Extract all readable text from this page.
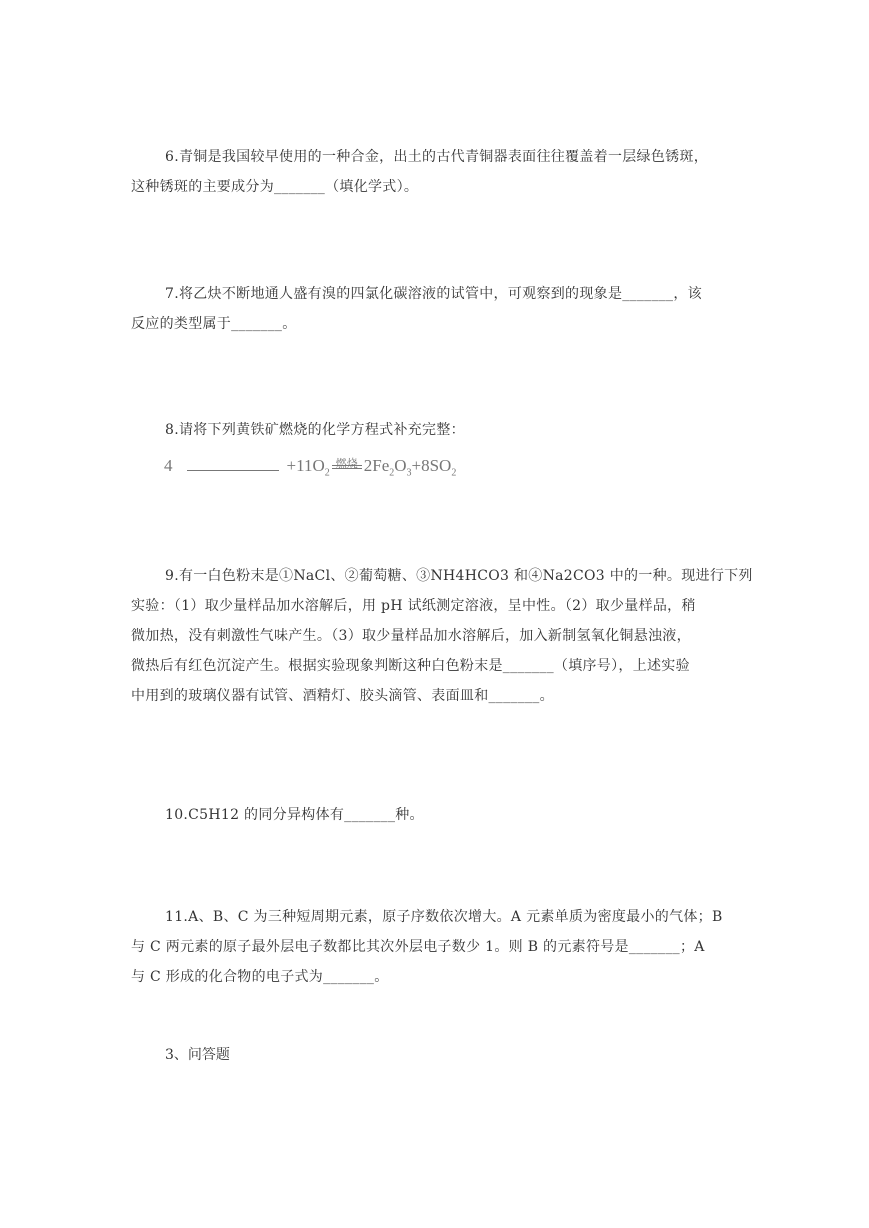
6.青铜是我国较早使用的一种合金，出土的古代青铜器表面往往覆盖着一层绿色锈斑，
这种锈斑的主要成分为_______（填化学式）。
7.将乙炔不断地通人盛有溴的四氯化碳溶液的试管中，可观察到的现象是_______，该
反应的类型属于_______。
8.请将下列黄铁矿燃烧的化学方程式补充完整：
4	$+11O_2$
燃烧 $2Fe_2O_3 +8SO_2$
9.有一白色粉末是①NaCl、②葡萄糖、③NH4HCO3 和④Na2CO3 中的一种。现进行下列
实验：（1）取少量样品加水溶解后，用 pH 试纸测定溶液，呈中性。（2）取少量样品，稍
微加热，没有刺激性气味产生。（3）取少量样品加水溶解后，加入新制氢氧化铜悬浊液，
微热后有红色沉淀产生。根据实验现象判断这种白色粉末是_______（填序号），上述实验
中用到的玻璃仪器有试管、酒精灯、胶头滴管、表面皿和_______。
10.C5H12 的同分异构体有_______种。
11.A、B、C 为三种短周期元素，原子序数依次增大。A 元素单质为密度最小的气体；B
与 C 两元素的原子最外层电子数都比其次外层电子数少 1。则 B 的元素符号是_______；A
与 C 形成的化合物的电子式为_______。
3、问答题
